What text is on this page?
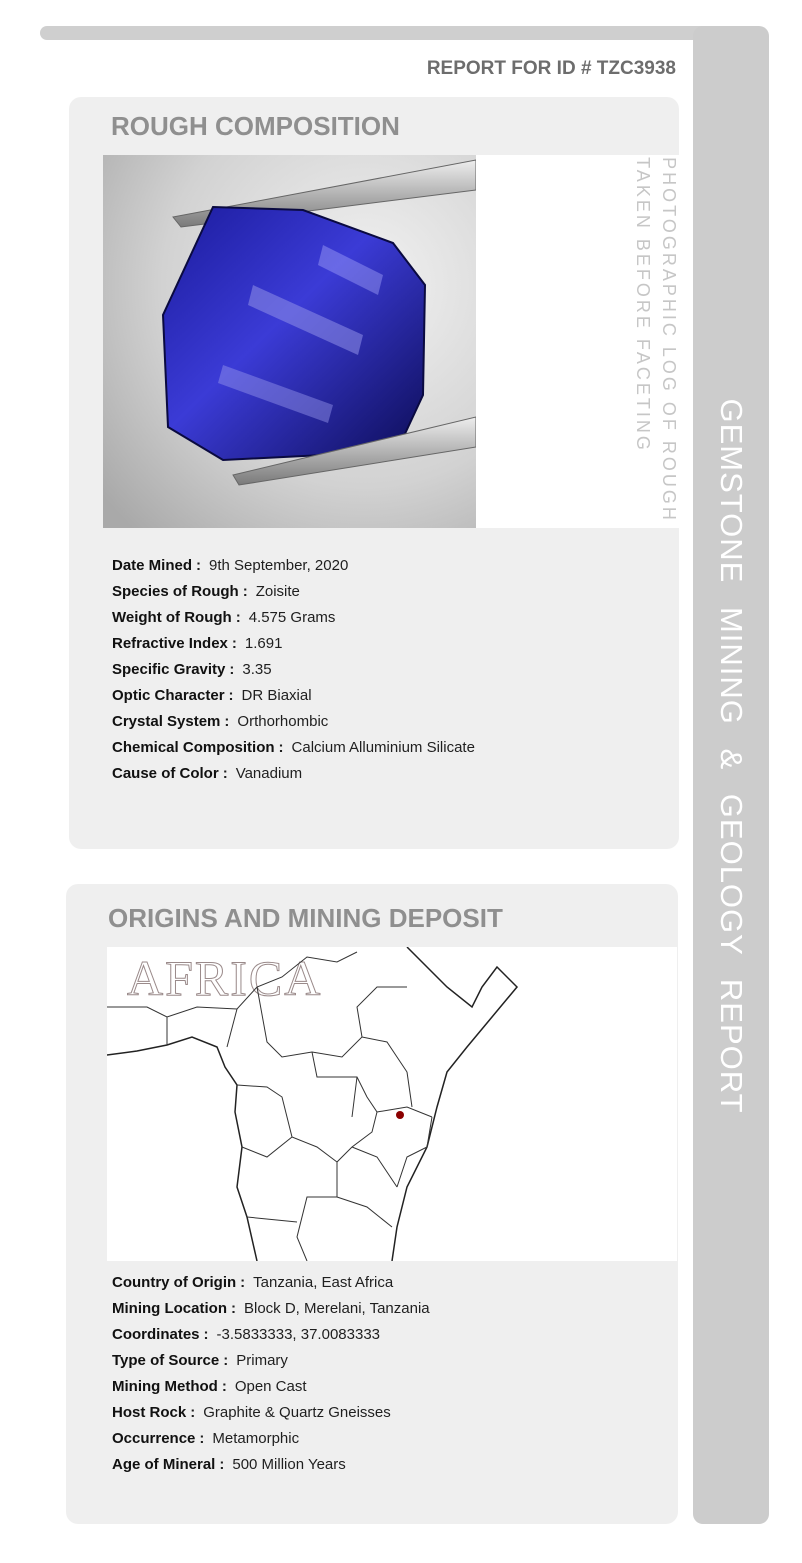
GEMSTONE MINING & GEOLOGY REPORT
REPORT FOR ID # TZC3938
ROUGH COMPOSITION
PHOTOGRAPHIC LOG OF ROUGH
TAKEN BEFORE FACETING
Date Mined : 9th September, 2020
Species of Rough : Zoisite
Weight of Rough : 4.575 Grams
Refractive Index : 1.691
Specific Gravity : 3.35
Optic Character : DR Biaxial
Crystal System : Orthorhombic
Chemical Composition : Calcium Alluminium Silicate
Cause of Color : Vanadium
ORIGINS AND MINING DEPOSIT
AFRICA
Country of Origin : Tanzania, East Africa
Mining Location : Block D, Merelani, Tanzania
Coordinates : -3.5833333, 37.0083333
Type of Source : Primary
Mining Method : Open Cast
Host Rock : Graphite & Quartz Gneisses
Occurrence : Metamorphic
Age of Mineral : 500 Million Years
